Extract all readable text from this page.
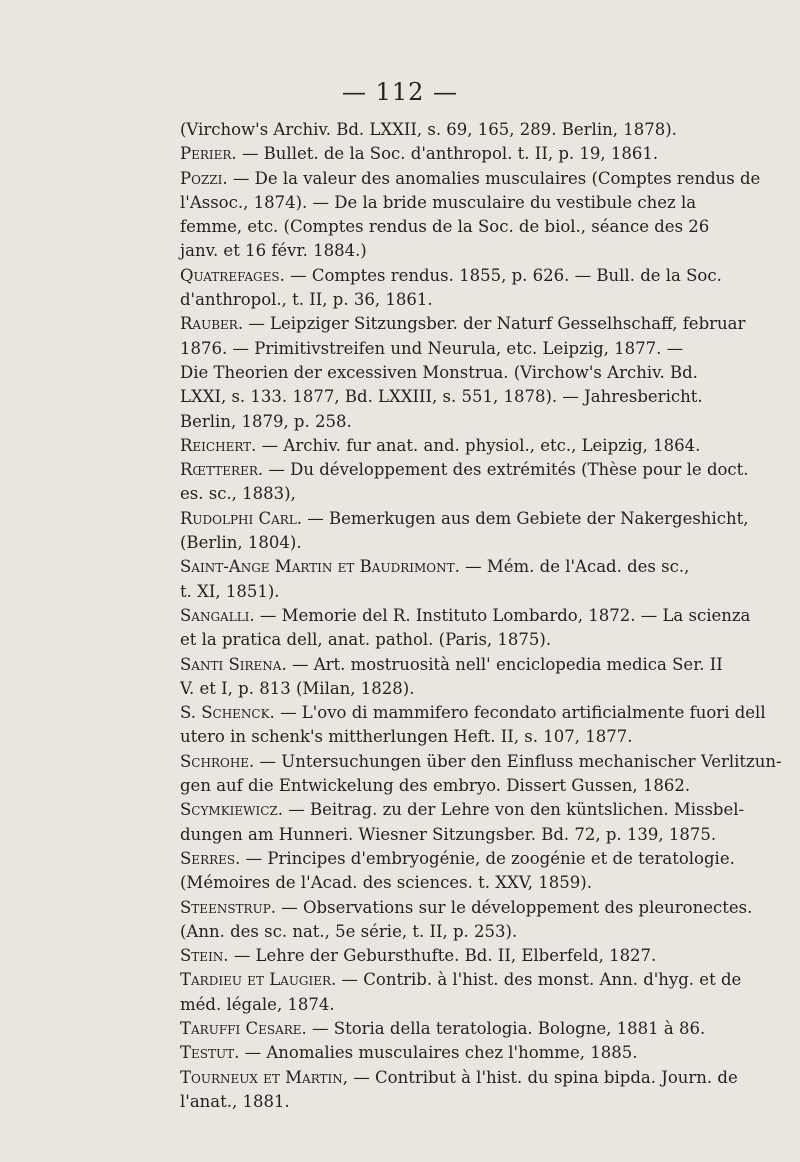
— 112 —
(Virchow's Archiv. Bd. LXXII, s. 69, 165, 289. Berlin, 1878).
Perier. — Bullet. de la Soc. d'anthropol. t. II, p. 19, 1861.
Pozzi. — De la valeur des anomalies musculaires (Comptes rendus de
l'Assoc., 1874). — De la bride musculaire du vestibule chez la
femme, etc. (Comptes rendus de la Soc. de biol., séance des 26
janv. et 16 févr. 1884.)
Quatrefages. — Comptes rendus. 1855, p. 626. — Bull. de la Soc.
d'anthropol., t. II, p. 36, 1861.
Rauber. — Leipziger Sitzungsber. der Naturf Gesselhschaff, februar
1876. — Primitivstreifen und Neurula, etc. Leipzig, 1877. —
Die Theorien der excessiven Monstrua. (Virchow's Archiv. Bd.
LXXI, s. 133. 1877, Bd. LXXIII, s. 551, 1878). — Jahresbericht.
Berlin, 1879, p. 258.
Reichert. — Archiv. fur anat. and. physiol., etc., Leipzig, 1864.
Rœtterer. — Du développement des extrémités (Thèse pour le doct.
es. sc., 1883),
Rudolphi Carl. — Bemerkugen aus dem Gebiete der Nakergeshicht,
(Berlin, 1804).
Saint-Ange Martin et Baudrimont. — Mém. de l'Acad. des sc.,
t. XI, 1851).
Sangalli. — Memorie del R. Instituto Lombardo, 1872. — La scienza
et la pratica dell, anat. pathol. (Paris, 1875).
Santi Sirena. — Art. mostruosità nell' enciclopedia medica Ser. II
V. et I, p. 813 (Milan, 1828).
S. Schenck. — L'ovo di mammifero fecondato artificialmente fuori dell
utero in schenk's mittherlungen Heft. II, s. 107, 1877.
Schrohe. — Untersuchungen über den Einfluss mechanischer Verlitzun-
gen auf die Entwickelung des embryo. Dissert Gussen, 1862.
Scymkiewicz. — Beitrag. zu der Lehre von den küntslichen. Missbel-
dungen am Hunneri. Wiesner Sitzungsber. Bd. 72, p. 139, 1875.
Serres. — Principes d'embryogénie, de zoogénie et de teratologie.
(Mémoires de l'Acad. des sciences. t. XXV, 1859).
Steenstrup. — Observations sur le développement des pleuronectes.
(Ann. des sc. nat., 5e série, t. II, p. 253).
Stein. — Lehre der Gebursthufte. Bd. II, Elberfeld, 1827.
Tardieu et Laugier. — Contrib. à l'hist. des monst. Ann. d'hyg. et de
méd. légale, 1874.
Taruffi Cesare. — Storia della teratologia. Bologne, 1881 à 86.
Testut. — Anomalies musculaires chez l'homme, 1885.
Tourneux et Martin, — Contribut à l'hist. du spina bipda. Journ. de
l'anat., 1881.
